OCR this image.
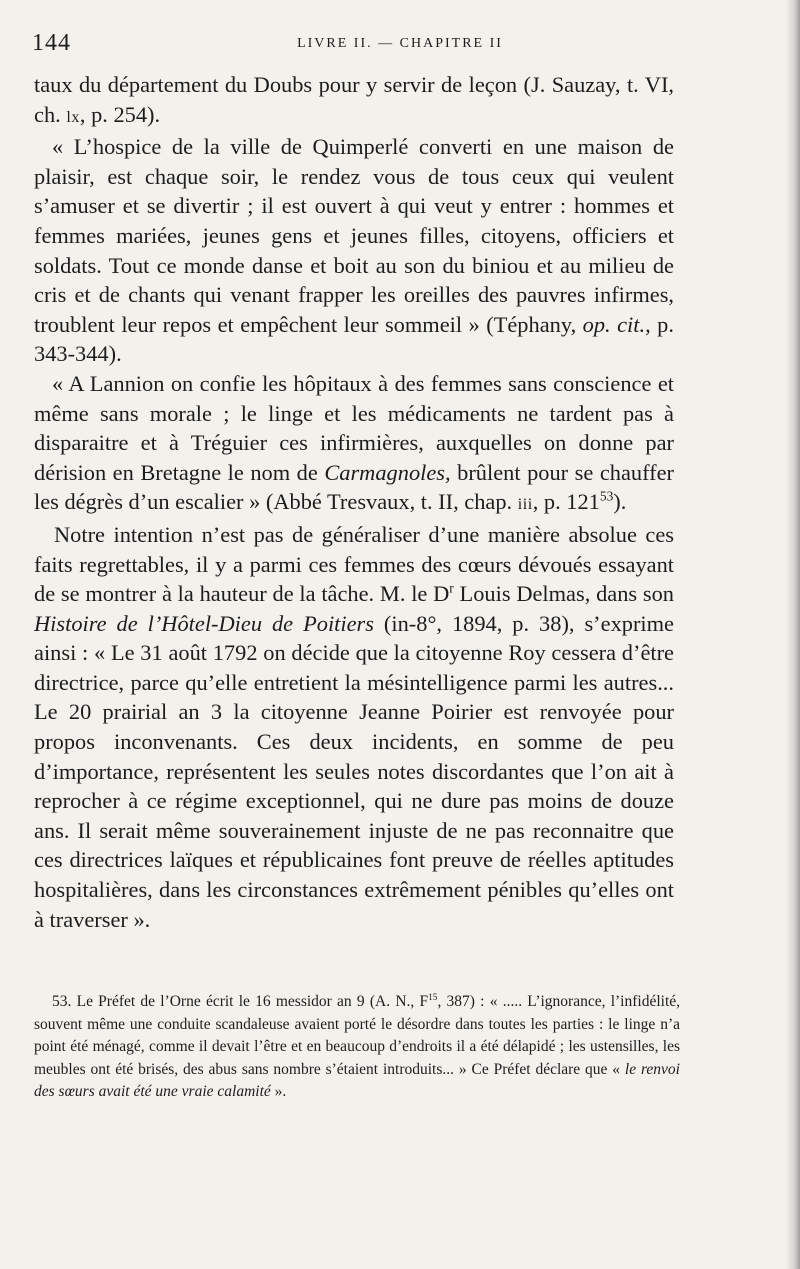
144	LIVRE II. — CHAPITRE II

taux du département du Doubs pour y servir de leçon (J. Sauzay, t. VI, ch. lx, p. 254).

« L’hospice de la ville de Quimperlé converti en une maison de plaisir, est chaque soir, le rendez vous de tous ceux qui veulent s’amuser et se divertir ; il est ouvert à qui veut y entrer : hommes et femmes mariées, jeunes gens et jeunes filles, citoyens, officiers et soldats. Tout ce monde danse et boit au son du biniou et au milieu de cris et de chants qui venant frapper les oreilles des pauvres infirmes, troublent leur repos et empêchent leur sommeil » (Téphany, op. cit., p. 343-344).

« A Lannion on confie les hôpitaux à des femmes sans conscience et même sans morale ; le linge et les médicaments ne tardent pas à disparaitre et à Tréguier ces infirmières, auxquelles on donne par dérision en Bretagne le nom de Carmagnoles, brûlent pour se chauffer les dégrès d’un escalier » (Abbé Tresvaux, t. II, chap. iii, p. $121^{53}$).

Notre intention n’est pas de généraliser d’une manière absolue ces faits regrettables, il y a parmi ces femmes des cœurs dévoués essayant de se montrer à la hauteur de la tâche. M. le $D^r$ Louis Delmas, dans son Histoire de l’Hôtel-Dieu de Poitiers (in-8°, 1894, p. 38), s’exprime ainsi : « Le 31 août 1792 on décide que la citoyenne Roy cessera d’être directrice, parce qu’elle entretient la mésintelligence parmi les autres... Le 20 prairial an 3 la citoyenne Jeanne Poirier est renvoyée pour propos inconvenants. Ces deux incidents, en somme de peu d’importance, représentent les seules notes discordantes que l’on ait à reprocher à ce régime exceptionnel, qui ne dure pas moins de douze ans. Il serait même souverainement injuste de ne pas reconnaitre que ces directrices laïques et républicaines font preuve de réelles aptitudes hospitalières, dans les circonstances extrêmement pénibles qu’elles ont à traverser ».

53. Le Préfet de l’Orne écrit le 16 messidor an 9 (A. N., $F^{15}$, 387) : « ..... L’ignorance, l’infidélité, souvent même une conduite scandaleuse avaient porté le désordre dans toutes les parties : le linge n’a point été ménagé, comme il devait l’être et en beaucoup d’endroits il a été délapidé ; les ustensilles, les meubles ont été brisés, des abus sans nombre s’étaient introduits... » Ce Préfet déclare que « le renvoi des sœurs avait été une vraie calamité ».
